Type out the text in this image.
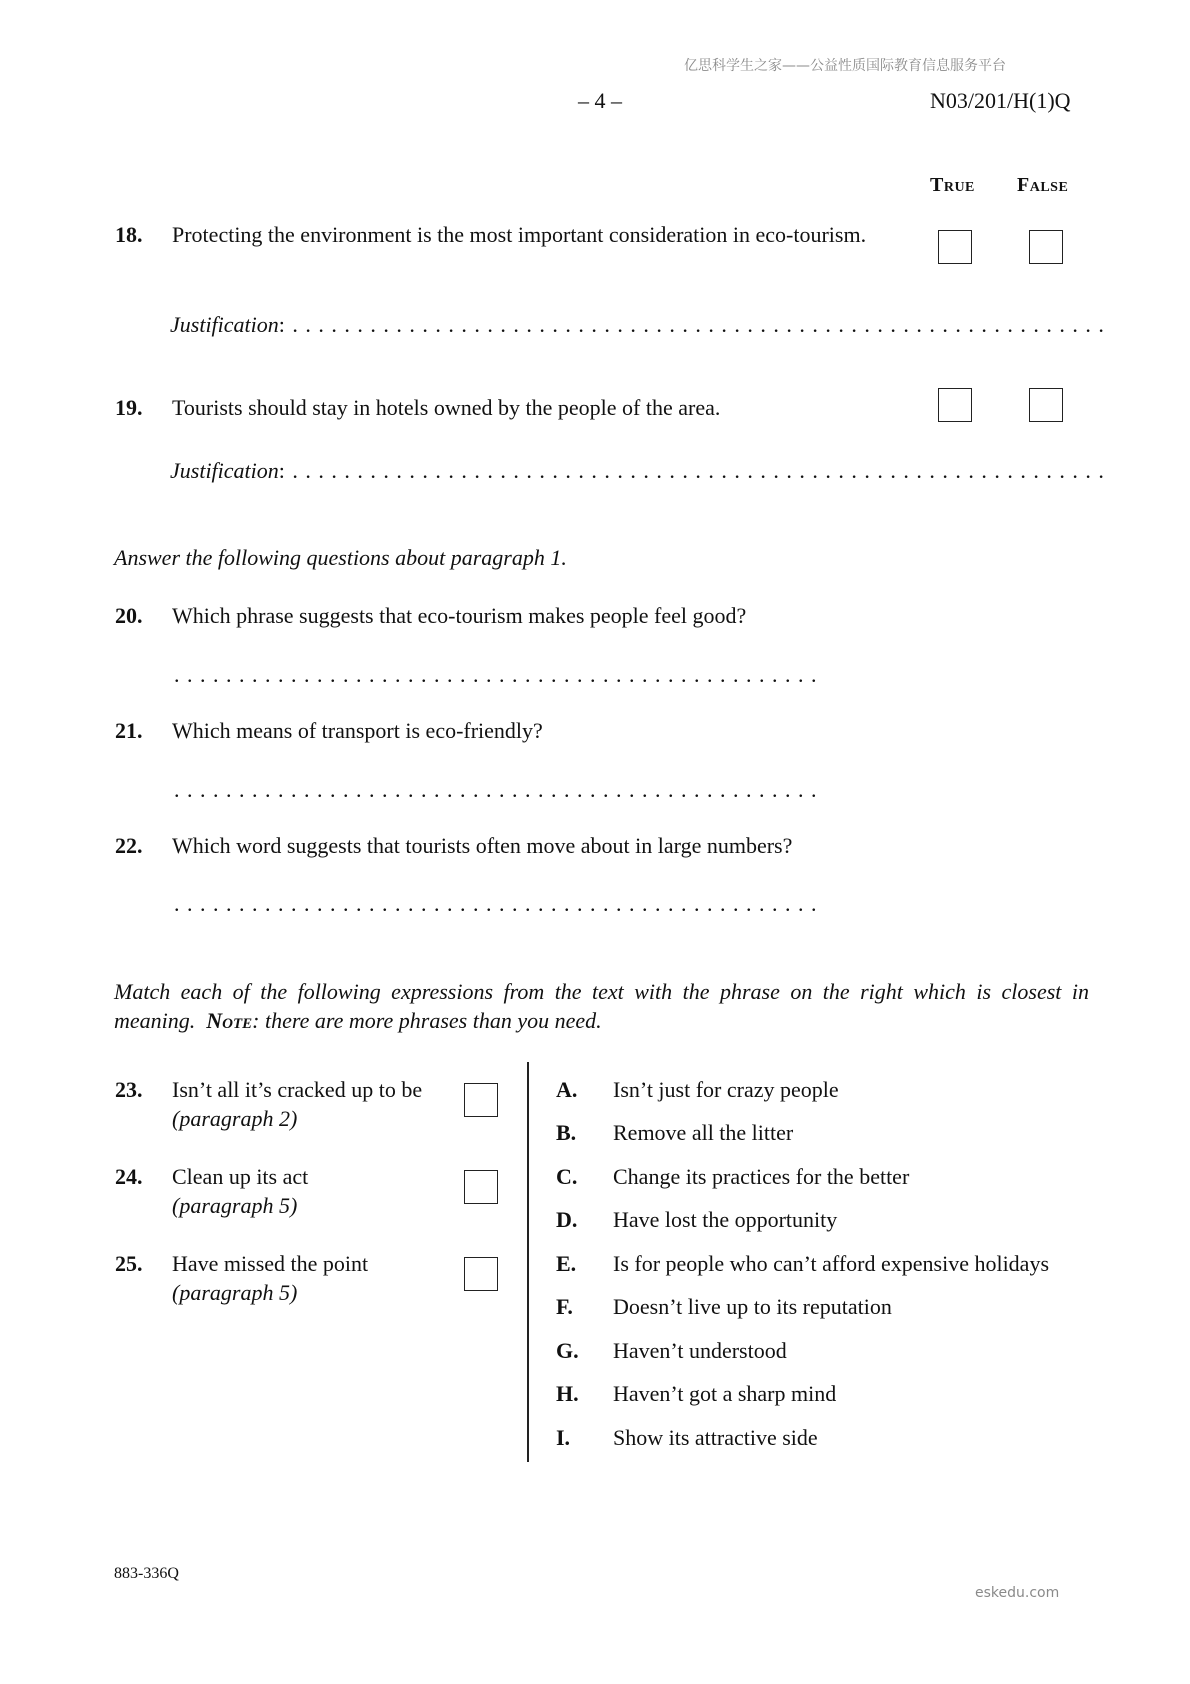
亿思科学生之家——公益性质国际教育信息服务平台
– 4 –	N03/201/H(1)Q
True False
18. Protecting the environment is the most important consideration in eco-tourism.
Justification: . . . . . . . . . . . . . . . . . . . . . . . . . . . . . . . . . . . . . . . . . . . . . . . . . . . . . . . . . . . . . . .
19. Tourists should stay in hotels owned by the people of the area.
Justification: . . . . . . . . . . . . . . . . . . . . . . . . . . . . . . . . . . . . . . . . . . . . . . . . . . . . . . . . . . . . . . .
Answer the following questions about paragraph 1.
20. Which phrase suggests that eco-tourism makes people feel good?
. . . . . . . . . . . . . . . . . . . . . . . . . . . . . . . . . . . . . . . . . . . . . . . . . .
21. Which means of transport is eco-friendly?
. . . . . . . . . . . . . . . . . . . . . . . . . . . . . . . . . . . . . . . . . . . . . . . . . .
22. Which word suggests that tourists often move about in large numbers?
. . . . . . . . . . . . . . . . . . . . . . . . . . . . . . . . . . . . . . . . . . . . . . . . . .
Match each of the following expressions from the text with the phrase on the right which is closest in meaning. Note: there are more phrases than you need.
23. Isn’t all it’s cracked up to be
(paragraph 2)
24. Clean up its act
(paragraph 5)
25. Have missed the point
(paragraph 5)
A. Isn’t just for crazy people
B. Remove all the litter
C. Change its practices for the better
D. Have lost the opportunity
E. Is for people who can’t afford expensive holidays
F. Doesn’t live up to its reputation
G. Haven’t understood
H. Haven’t got a sharp mind
I. Show its attractive side
883-336Q
eskedu.com
